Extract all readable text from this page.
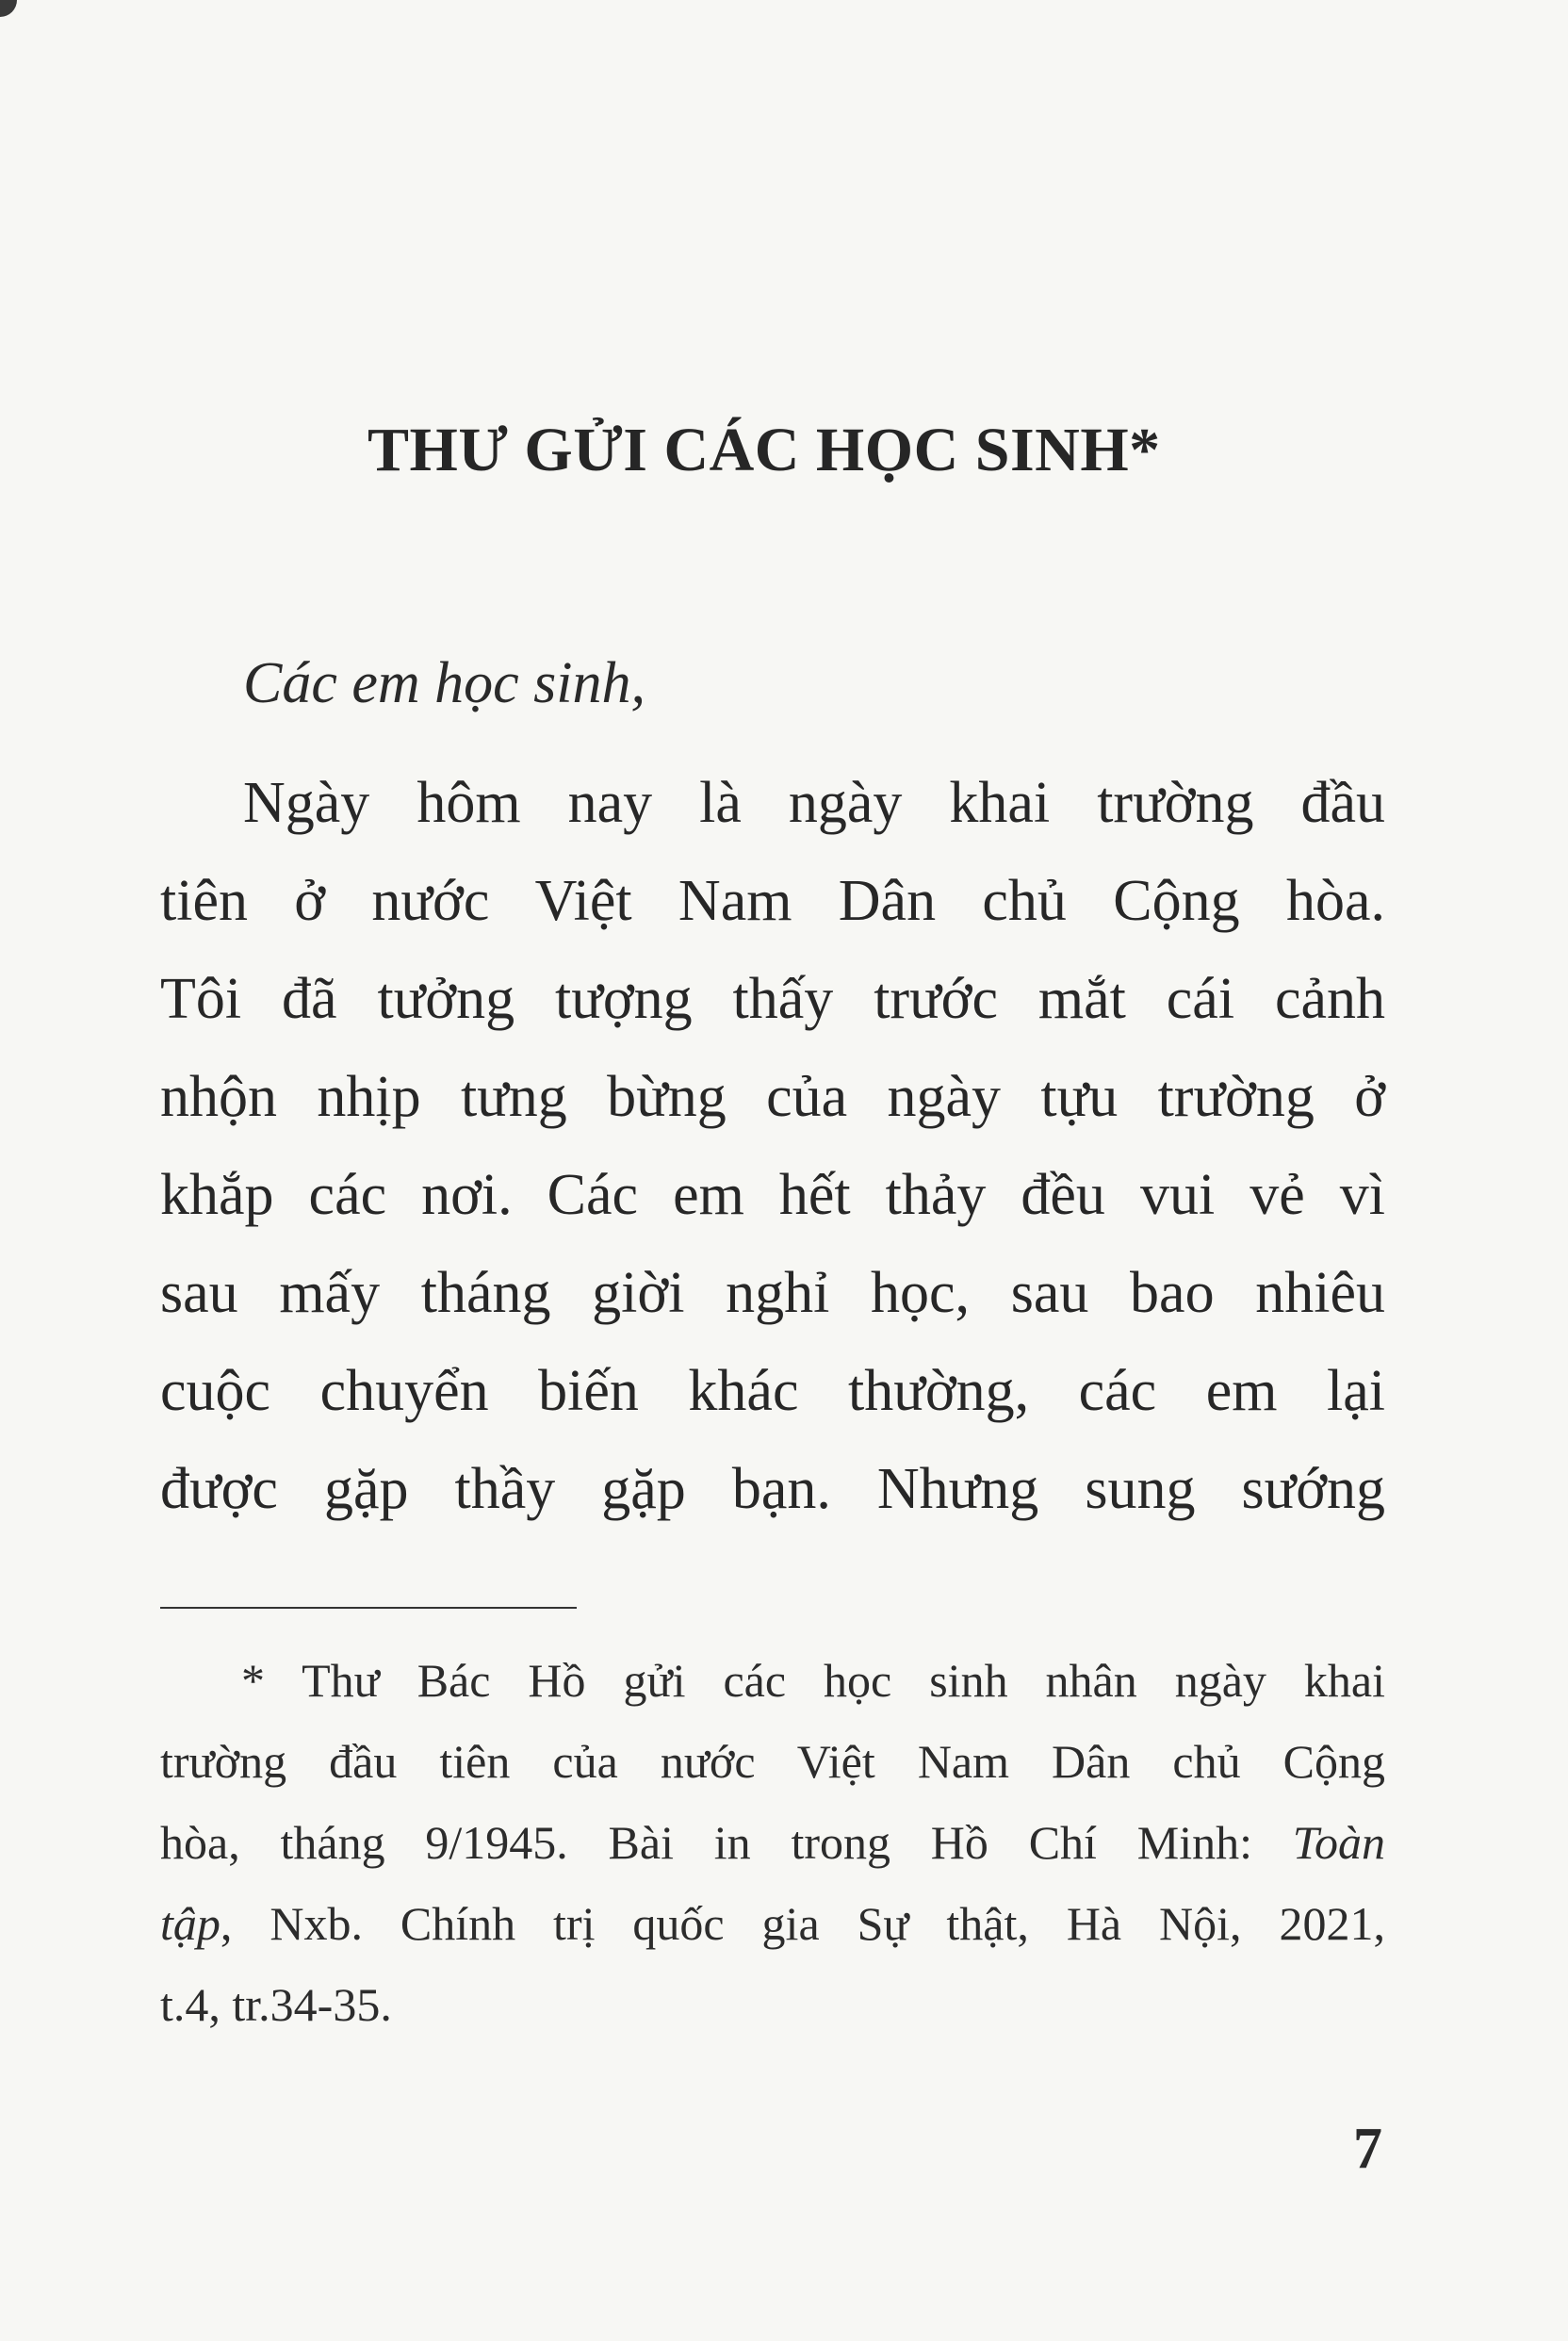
THƯ GỬI CÁC HỌC SINH*
Các em học sinh,
Ngày hôm nay là ngày khai trường đầu
tiên ở nước Việt Nam Dân chủ Cộng hòa.
Tôi đã tưởng tượng thấy trước mắt cái cảnh
nhộn nhịp tưng bừng của ngày tựu trường ở
khắp các nơi. Các em hết thảy đều vui vẻ vì
sau mấy tháng giời nghỉ học, sau bao nhiêu
cuộc chuyển biến khác thường, các em lại
được gặp thầy gặp bạn. Nhưng sung sướng
* Thư Bác Hồ gửi các học sinh nhân ngày khai
trường đầu tiên của nước Việt Nam Dân chủ Cộng
hòa, tháng 9/1945. Bài in trong Hồ Chí Minh: Toàn
tập, Nxb. Chính trị quốc gia Sự thật, Hà Nội, 2021,
t.4, tr.34-35.
7
